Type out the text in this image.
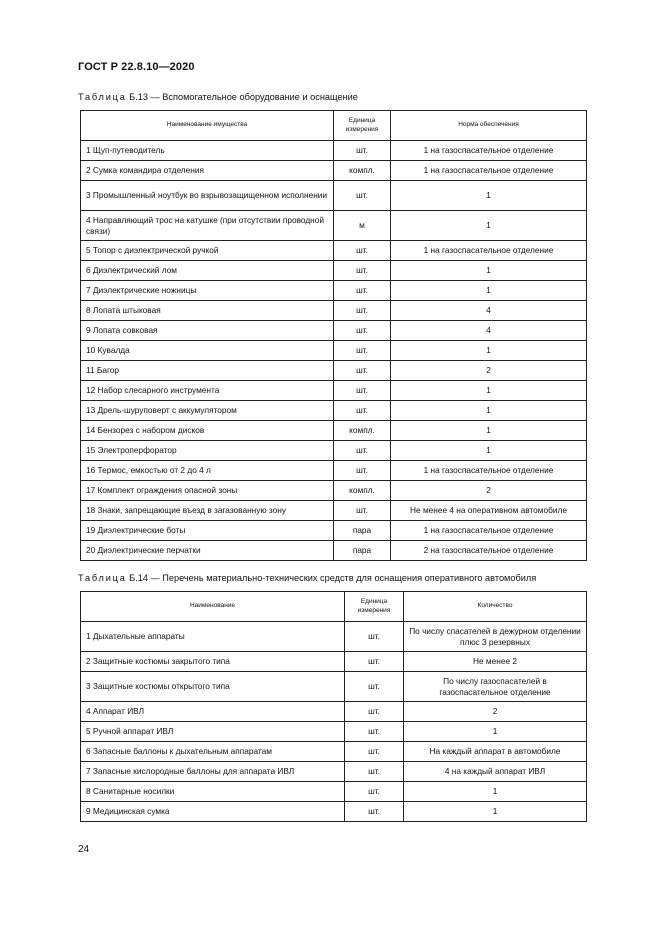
ГОСТ Р 22.8.10—2020
Таблица Б.13 — Вспомогательное оборудование и оснащение
Наименование имущества	Единица измерения	Норма обеспечения
1 Щуп-путеводитель	шт.	1 на газоспасательное отделение
2 Сумка командира отделения	компл.	1 на газоспасательное отделение
3 Промышленный ноутбук во взрывозащищенном исполнении	шт.	1
4 Направляющий трос на катушке (при отсутствии проводной связи)	м	1
5 Топор с диэлектрической ручкой	шт.	1 на газоспасательное отделение
6 Диэлектрический лом	шт.	1
7 Диэлектрические ножницы	шт.	1
8 Лопата штыковая	шт.	4
9 Лопата совковая	шт.	4
10 Кувалда	шт.	1
11 Багор	шт.	2
12 Набор слесарного инструмента	шт.	1
13 Дрель-шуруповерт с аккумулятором	шт.	1
14 Бензорез с набором дисков	компл.	1
15 Электроперфоратор	шт.	1
16 Термос, емкостью от 2 до 4 л	шт.	1 на газоспасательное отделение
17 Комплект ограждения опасной зоны	компл.	2
18 Знаки, запрещающие въезд в загазованную зону	шт.	Не менее 4 на оперативном автомобиле
19 Диэлектрические боты	пара	1 на газоспасательное отделение
20 Диэлектрические перчатки	пара	2 на газоспасательное отделение
Таблица Б.14 — Перечень материально-технических средств для оснащения оперативного автомобиля
Наименование	Единица измерения	Количество
1 Дыхательные аппараты	шт.	По числу спасателей в дежурном отделении плюс 3 резервных
2 Защитные костюмы закрытого типа	шт.	Не менее 2
3 Защитные костюмы открытого типа	шт.	По числу газоспасателей в газоспасательное отделение
4 Аппарат ИВЛ	шт.	2
5 Ручной аппарат ИВЛ	шт.	1
6 Запасные баллоны к дыхательным аппаратам	шт.	На каждый аппарат в автомобиле
7 Запасные кислородные баллоны для аппарата ИВЛ	шт.	4 на каждый аппарат ИВЛ
8 Санитарные носилки	шт.	1
9 Медицинская сумка	шт.	1
24
